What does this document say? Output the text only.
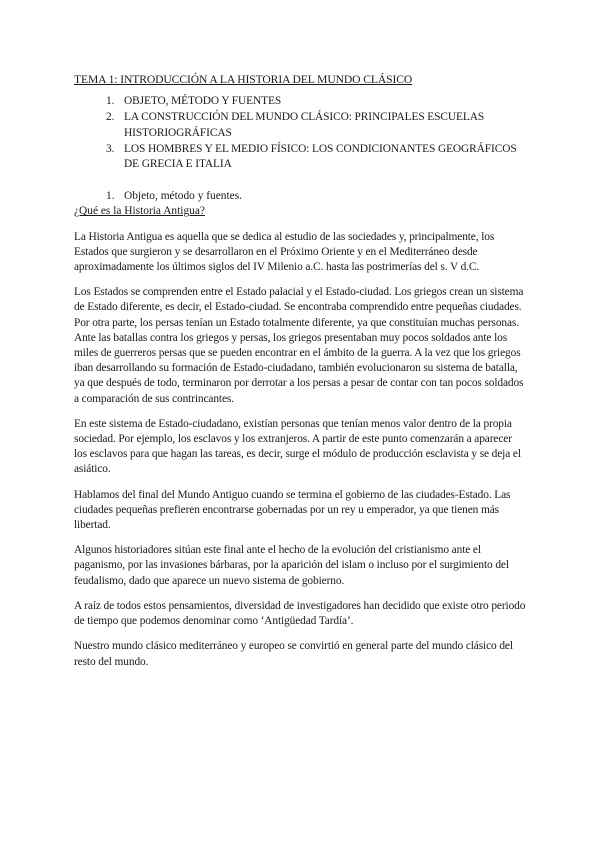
TEMA 1: INTRODUCCIÓN A LA HISTORIA DEL MUNDO CLÁSICO
1. OBJETO, MÉTODO Y FUENTES
2. LA CONSTRUCCIÓN DEL MUNDO CLÁSICO: PRINCIPALES ESCUELAS HISTORIOGRÁFICAS
3. LOS HOMBRES Y EL MEDIO FÍSICO: LOS CONDICIONANTES GEOGRÁFICOS DE GRECIA E ITALIA
1. Objeto, método y fuentes.
¿Qué es la Historia Antigua?

La Historia Antigua es aquella que se dedica al estudio de las sociedades y, principalmente, los Estados que surgieron y se desarrollaron en el Próximo Oriente y en el Mediterráneo desde aproximadamente los últimos siglos del IV Milenio a.C. hasta las postrimerías del s. V d.C.

Los Estados se comprenden entre el Estado palacial y el Estado-ciudad. Los griegos crean un sistema de Estado diferente, es decir, el Estado-ciudad. Se encontraba comprendido entre pequeñas ciudades. Por otra parte, los persas tenían un Estado totalmente diferente, ya que constituían muchas personas. Ante las batallas contra los griegos y persas, los griegos presentaban muy pocos soldados ante los miles de guerreros persas que se pueden encontrar en el ámbito de la guerra. A la vez que los griegos iban desarrollando su formación de Estado-ciudadano, también evolucionaron su sistema de batalla, ya que después de todo, terminaron por derrotar a los persas a pesar de contar con tan pocos soldados a comparación de sus contrincantes.

En este sistema de Estado-ciudadano, existían personas que tenían menos valor dentro de la propia sociedad. Por ejemplo, los esclavos y los extranjeros. A partir de este punto comenzarán a aparecer los esclavos para que hagan las tareas, es decir, surge el módulo de producción esclavista y se deja el asiático.

Hablamos del final del Mundo Antiguo cuando se termina el gobierno de las ciudades-Estado. Las ciudades pequeñas prefieren encontrarse gobernadas por un rey u emperador, ya que tienen más libertad.

Algunos historiadores sitúan este final ante el hecho de la evolución del cristianismo ante el paganismo, por las invasiones bárbaras, por la aparición del islam o incluso por el surgimiento del feudalismo, dado que aparece un nuevo sistema de gobierno.

A raíz de todos estos pensamientos, diversidad de investigadores han decidido que existe otro periodo de tiempo que podemos denominar como ‘Antigüedad Tardía’.

Nuestro mundo clásico mediterráneo y europeo se convirtió en general parte del mundo clásico del resto del mundo.
